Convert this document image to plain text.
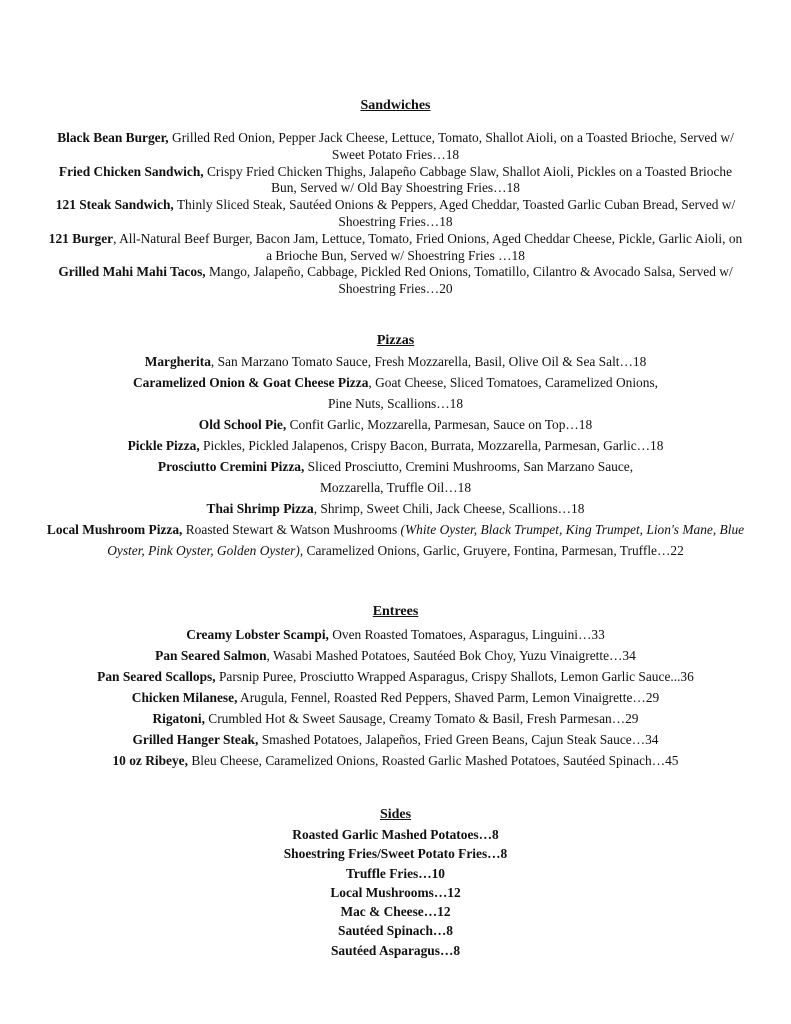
Sandwiches

Black Bean Burger, Grilled Red Onion, Pepper Jack Cheese, Lettuce, Tomato, Shallot Aioli, on a Toasted Brioche, Served w/ Sweet Potato Fries…18

Fried Chicken Sandwich, Crispy Fried Chicken Thighs, Jalapeño Cabbage Slaw, Shallot Aioli, Pickles on a Toasted Brioche Bun, Served w/ Old Bay Shoestring Fries…18

121 Steak Sandwich, Thinly Sliced Steak, Sautéed Onions & Peppers, Aged Cheddar, Toasted Garlic Cuban Bread, Served w/ Shoestring Fries…18

121 Burger, All-Natural Beef Burger, Bacon Jam, Lettuce, Tomato, Fried Onions, Aged Cheddar Cheese, Pickle, Garlic Aioli, on a Brioche Bun, Served w/ Shoestring Fries …18

Grilled Mahi Mahi Tacos, Mango, Jalapeño, Cabbage, Pickled Red Onions, Tomatillo, Cilantro & Avocado Salsa, Served w/ Shoestring Fries…20

Pizzas

Margherita, San Marzano Tomato Sauce, Fresh Mozzarella, Basil, Olive Oil & Sea Salt…18

Caramelized Onion & Goat Cheese Pizza, Goat Cheese, Sliced Tomatoes, Caramelized Onions,
Pine Nuts, Scallions…18

Old School Pie, Confit Garlic, Mozzarella, Parmesan, Sauce on Top…18

Pickle Pizza, Pickles, Pickled Jalapenos, Crispy Bacon, Burrata, Mozzarella, Parmesan, Garlic…18

Prosciutto Cremini Pizza, Sliced Prosciutto, Cremini Mushrooms, San Marzano Sauce,
Mozzarella, Truffle Oil…18

Thai Shrimp Pizza, Shrimp, Sweet Chili, Jack Cheese, Scallions…18

Local Mushroom Pizza, Roasted Stewart & Watson Mushrooms (White Oyster, Black Trumpet, King Trumpet, Lion's Mane, Blue Oyster, Pink Oyster, Golden Oyster), Caramelized Onions, Garlic, Gruyere, Fontina, Parmesan, Truffle…22

Entrees

Creamy Lobster Scampi, Oven Roasted Tomatoes, Asparagus, Linguini…33

Pan Seared Salmon, Wasabi Mashed Potatoes, Sautéed Bok Choy, Yuzu Vinaigrette…34

Pan Seared Scallops, Parsnip Puree, Prosciutto Wrapped Asparagus, Crispy Shallots, Lemon Garlic Sauce...36

Chicken Milanese, Arugula, Fennel, Roasted Red Peppers, Shaved Parm, Lemon Vinaigrette…29

Rigatoni, Crumbled Hot & Sweet Sausage, Creamy Tomato & Basil, Fresh Parmesan…29

Grilled Hanger Steak, Smashed Potatoes, Jalapeños, Fried Green Beans, Cajun Steak Sauce…34

10 oz Ribeye, Bleu Cheese, Caramelized Onions, Roasted Garlic Mashed Potatoes, Sautéed Spinach…45

Sides

Roasted Garlic Mashed Potatoes…8

Shoestring Fries/Sweet Potato Fries…8

Truffle Fries…10

Local Mushrooms…12

Mac & Cheese…12

Sautéed Spinach…8

Sautéed Asparagus…8
